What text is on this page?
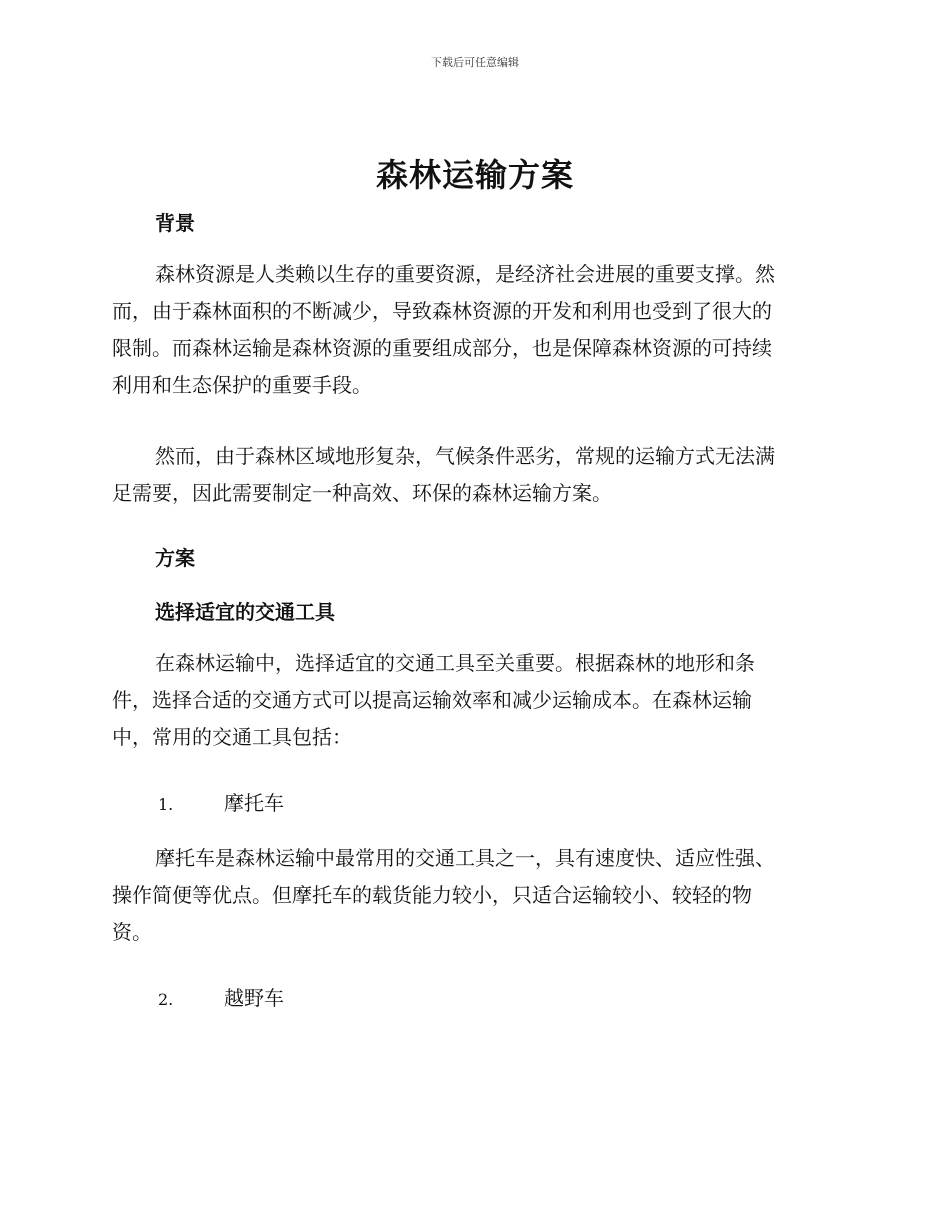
下载后可任意编辑
森林运输方案
背景
森林资源是人类赖以生存的重要资源，是经济社会进展的重要支撑。然
而，由于森林面积的不断减少，导致森林资源的开发和利用也受到了很大的
限制。而森林运输是森林资源的重要组成部分，也是保障森林资源的可持续
利用和生态保护的重要手段。
然而，由于森林区域地形复杂，气候条件恶劣，常规的运输方式无法满
足需要，因此需要制定一种高效、环保的森林运输方案。
方案
选择适宜的交通工具
在森林运输中，选择适宜的交通工具至关重要。根据森林的地形和条
件，选择合适的交通方式可以提高运输效率和减少运输成本。在森林运输
中，常用的交通工具包括：
1.	摩托车
摩托车是森林运输中最常用的交通工具之一，具有速度快、适应性强、
操作简便等优点。但摩托车的载货能力较小，只适合运输较小、较轻的物
资。
2.	越野车
